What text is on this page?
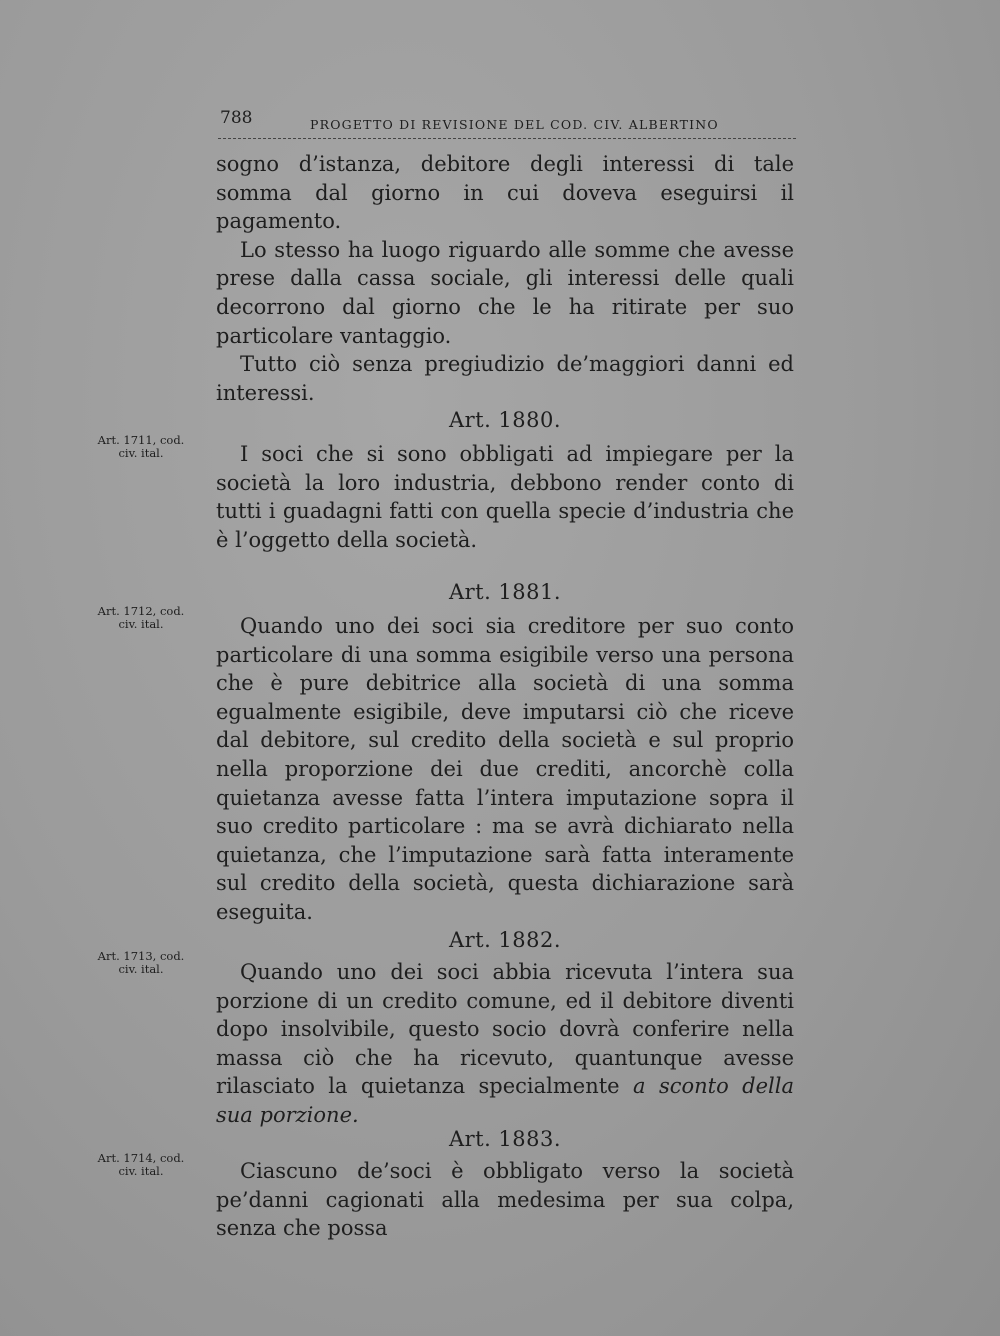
788	PROGETTO DI REVISIONE DEL COD. CIV. ALBERTINO

sogno d’istanza, debitore degli interessi di tale somma dal giorno in cui doveva eseguirsi il pagamento.

Lo stesso ha luogo riguardo alle somme che avesse prese dalla cassa sociale, gli interessi delle quali decorrono dal giorno che le ha ritirate per suo particolare vantaggio.

Tutto ciò senza pregiudizio de’maggiori danni ed interessi.

Art. 1880.
Art. 1711, cod.
civ. ital.	I soci che si sono obbligati ad impiegare per la società la loro industria, debbono render conto di tutti i guadagni fatti con quella specie d’industria che è l’oggetto della società.

Art. 1881.
Art. 1712, cod.
civ. ital.	Quando uno dei soci sia creditore per suo conto particolare di una somma esigibile verso una persona che è pure debitrice alla società di una somma egualmente esigibile, deve imputarsi ciò che riceve dal debitore, sul credito della società e sul proprio nella proporzione dei due crediti, ancorchè colla quietanza avesse fatta l’intera imputazione sopra il suo credito particolare : ma se avrà dichiarato nella quietanza, che l’imputazione sarà fatta interamente sul credito della società, questa dichiarazione sarà eseguita.

Art. 1882.
Art. 1713, cod.
civ. ital.	Quando uno dei soci abbia ricevuta l’intera sua porzione di un credito comune, ed il debitore diventi dopo insolvibile, questo socio dovrà conferire nella massa ciò che ha ricevuto, quantunque avesse rilasciato la quietanza specialmente a sconto della sua porzione.

Art. 1883.
Art. 1714, cod.
civ. ital.	Ciascuno de’soci è obbligato verso la società pe’danni cagionati alla medesima per sua colpa, senza che possa
